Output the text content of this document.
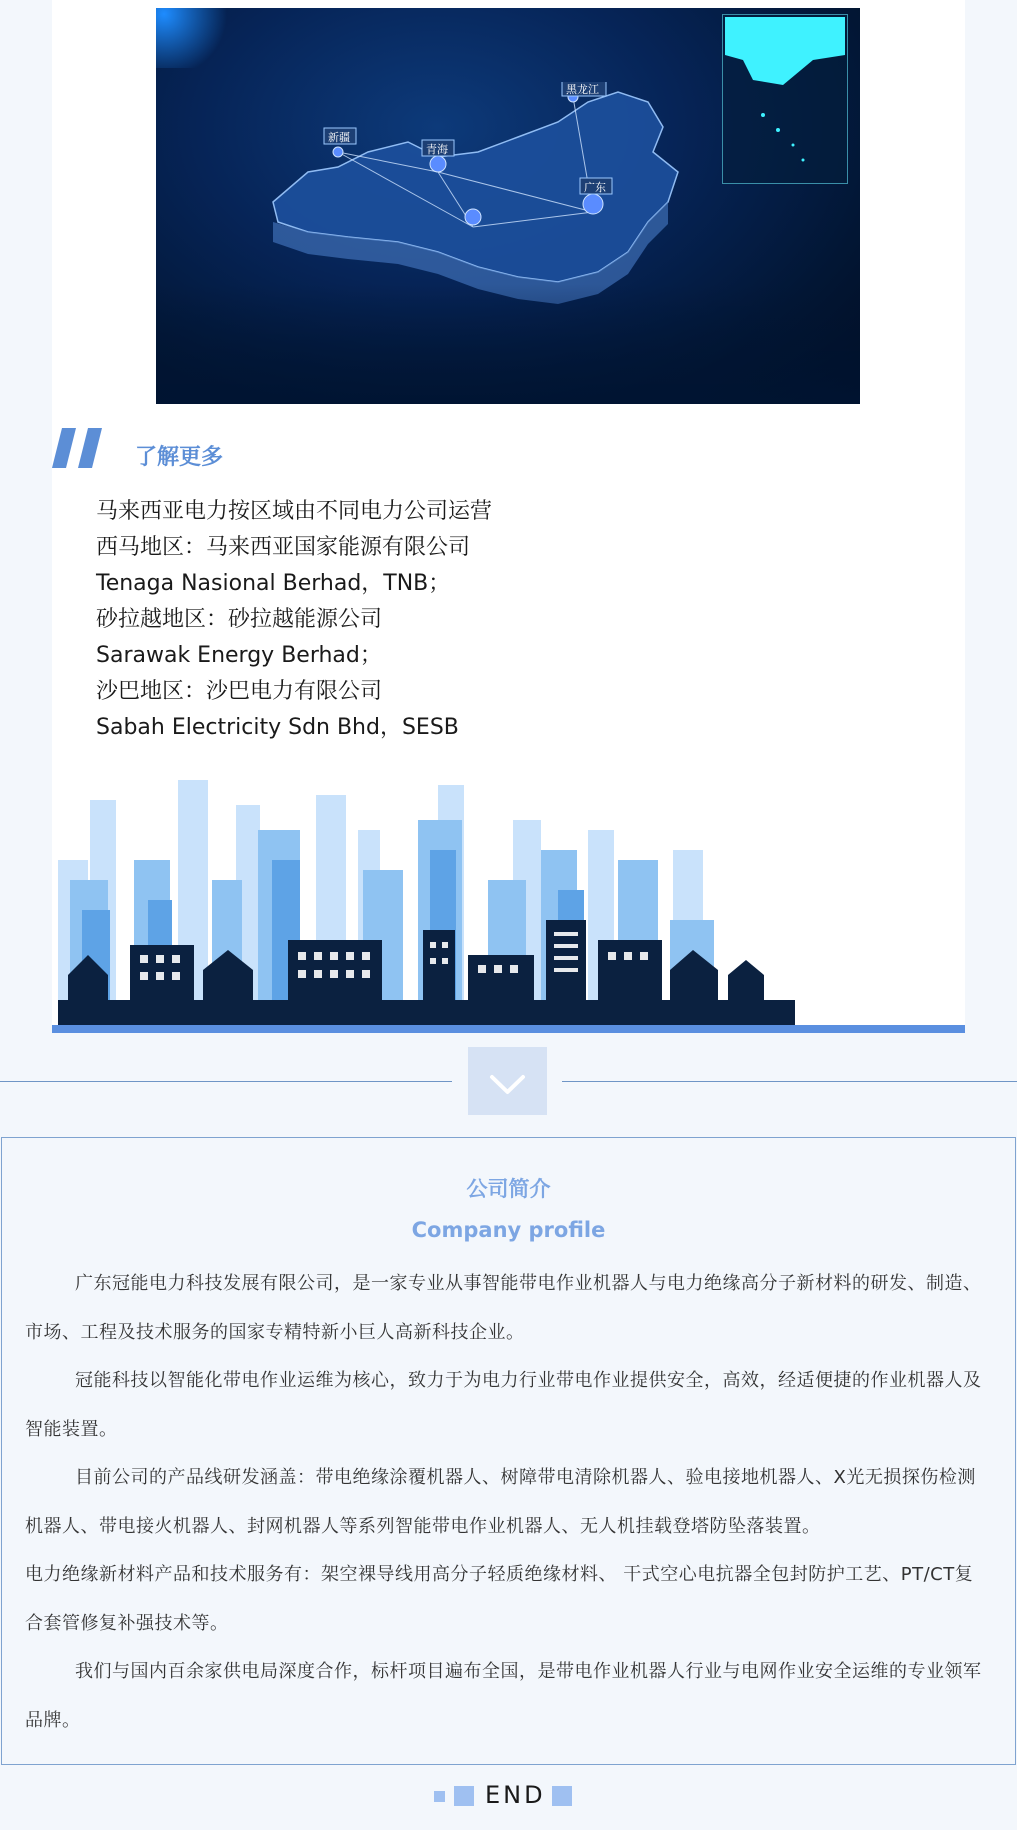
新疆
青海
黑龙江
广东
了解更多
马来西亚电力按区域由不同电力公司运营
西马地区：马来西亚国家能源有限公司
Tenaga Nasional Berhad，TNB；
砂拉越地区：砂拉越能源公司
Sarawak Energy Berhad；
沙巴地区：沙巴电力有限公司
Sabah Electricity Sdn Bhd，SESB
公司简介
Company profile

广东冠能电力科技发展有限公司，是一家专业从事智能带电作业机器人与电力绝缘高分子新材料的研发、制造、市场、工程及技术服务的国家专精特新小巨人高新科技企业。

冠能科技以智能化带电作业运维为核心，致力于为电力行业带电作业提供安全，高效，经适便捷的作业机器人及智能装置。

目前公司的产品线研发涵盖：带电绝缘涂覆机器人、树障带电清除机器人、验电接地机器人、X光无损探伤检测机器人、带电接火机器人、封网机器人等系列智能带电作业机器人、无人机挂载登塔防坠落装置。

电力绝缘新材料产品和技术服务有：架空裸导线用高分子轻质绝缘材料、 干式空心电抗器全包封防护工艺、PT/CT复合套管修复补强技术等。

我们与国内百余家供电局深度合作，标杆项目遍布全国，是带电作业机器人行业与电网作业安全运维的专业领军品牌。

END
